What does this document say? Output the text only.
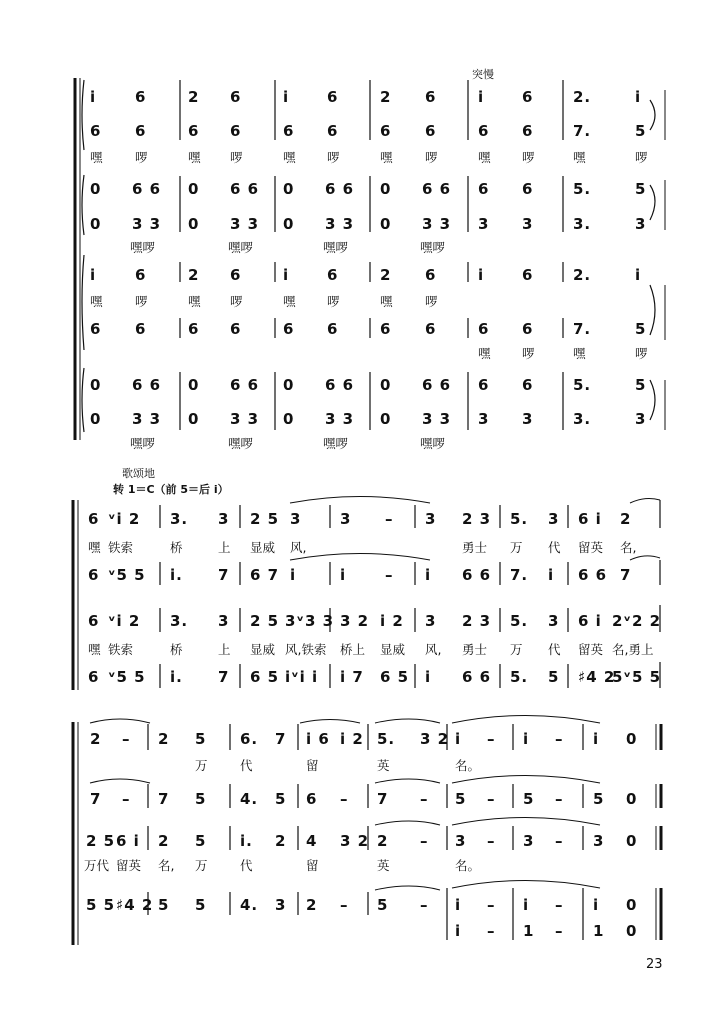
突慢
i	6	2 6	i	6	2 6	i	6	2.	i
6 6	6 6	6 6	6 6	6 6	7.	5
嘿	啰	嘿 啰	嘿	啰	嘿	啰	嘿	啰	嘿	啰
0 6 6 0 6 6 0 6 6 0 6 6 6 6	5.	5
0 3 3 0 3 3 0 3 3 0 3 3 3 3	3.	3
嘿啰	嘿啰	嘿啰	嘿啰
i	6	2 6	i	6	2 6	i	6	2.	i
嘿	啰	嘿 啰	嘿	啰	嘿	啰
6 6	6 6	6 6	6 6	6 6	7.	5
嘿	啰	嘿	啰
0 6 6 0 6 6 0 6 6 0 6 6 6 6	5.	5
0 3 3 0 3 3 0 3 3 0 3 3 3 3	3.	3
嘿啰	嘿啰	嘿啰	嘿啰
歌颂地
转 1＝C（前 5＝后 i）
6 ᵛi 2 3. 3 2 5 3	3 – 3 2 3 5. 3 6 i 2
嘿 铁索	桥	上 显威 风,	勇士 万 代 留英 名,
6 ᵛ5 5 i. 7 6 7 i	i	– i 6 6 7. i 6 6 7
6 ᵛi 2 3. 3 2 5 3ᵛ3 3 3 2 i 2 3 2 3 5. 3 6 i 2ᵛ2 2
嘿 铁索	桥	上 显威 风,铁索 桥上 显威 风, 勇士 万 代 留英 名,勇上
6 ᵛ5 5 i. 7 6 5 iᵛi i i 7 6 5 i 6 6 5. 5 ♯4 2
5ᵛ5 5
2 – 2 5 6. 7 i 6 i 2 5. 3 2 i – i – i 0
万	代	留	英	名。
7 – 7 5 4. 5 6 – 7 – 5 – 5 – 5 0
2 5 6 i 2 5 i. 2 4 3 2 2 – 3 – 3 – 3 0
万代 留英 名, 万	代	留	英	名。
5 5 ♯4 2 5 5 4. 3 2 – 5 – i – i – i 0
i – 1 – 1 0
23
